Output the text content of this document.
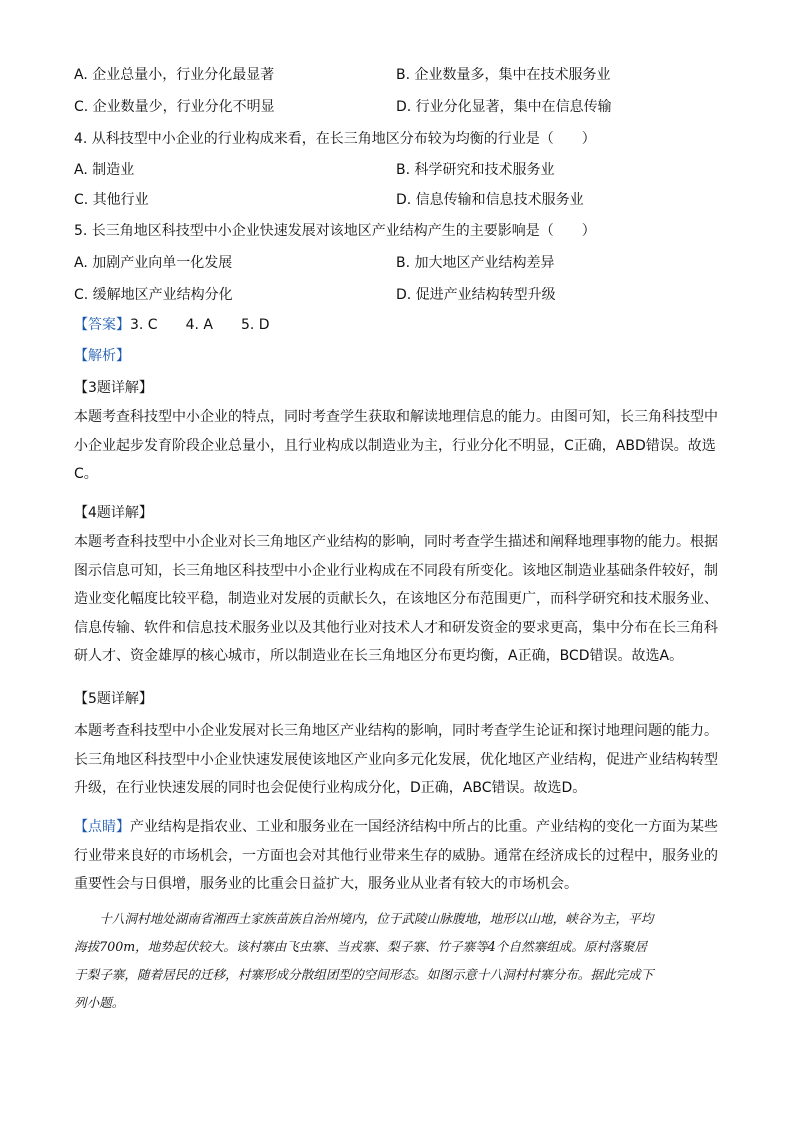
A. 企业总量小，行业分化最显著	B. 企业数量多，集中在技术服务业
C. 企业数量少，行业分化不明显	D. 行业分化显著，集中在信息传输
4. 从科技型中小企业的行业构成来看，在长三角地区分布较为均衡的行业是（　　）
A. 制造业	B. 科学研究和技术服务业
C. 其他行业	D. 信息传输和信息技术服务业
5. 长三角地区科技型中小企业快速发展对该地区产业结构产生的主要影响是（　　）
A. 加剧产业向单一化发展	B. 加大地区产业结构差异
C. 缓解地区产业结构分化	D. 促进产业结构转型升级
【答案】3. C　　4. A　　5. D
【解析】
【3题详解】
本题考查科技型中小企业的特点，同时考查学生获取和解读地理信息的能力。由图可知，长三角科技型中
小企业起步发育阶段企业总量小，且行业构成以制造业为主，行业分化不明显，C正确，ABD错误。故选
C。
【4题详解】
本题考查科技型中小企业对长三角地区产业结构的影响，同时考查学生描述和阐释地理事物的能力。根据
图示信息可知，长三角地区科技型中小企业行业构成在不同段有所变化。该地区制造业基础条件较好，制
造业变化幅度比较平稳，制造业对发展的贡献长久，在该地区分布范围更广，而科学研究和技术服务业、
信息传输、软件和信息技术服务业以及其他行业对技术人才和研发资金的要求更高，集中分布在长三角科
研人才、资金雄厚的核心城市，所以制造业在长三角地区分布更均衡，A正确，BCD错误。故选A。
【5题详解】
本题考查科技型中小企业发展对长三角地区产业结构的影响，同时考查学生论证和探讨地理问题的能力。
长三角地区科技型中小企业快速发展使该地区产业向多元化发展，优化地区产业结构，促进产业结构转型
升级，在行业快速发展的同时也会促使行业构成分化，D正确，ABC错误。故选D。
【点睛】产业结构是指农业、工业和服务业在一国经济结构中所占的比重。产业结构的变化一方面为某些
行业带来良好的市场机会，一方面也会对其他行业带来生存的威胁。通常在经济成长的过程中，服务业的
重要性会与日俱增，服务业的比重会日益扩大，服务业从业者有较大的市场机会。
　　十八洞村地处湖南省湘西土家族苗族自治州境内，位于武陵山脉腹地，地形以山地，峡谷为主，平均
海拔700m，地势起伏较大。该村寨由飞虫寨、当戎寨、梨子寨、竹子寨等4个自然寨组成。原村落聚居
于梨子寨，随着居民的迁移，村寨形成分散组团型的空间形态。如图示意十八洞村村寨分布。据此完成下
列小题。
